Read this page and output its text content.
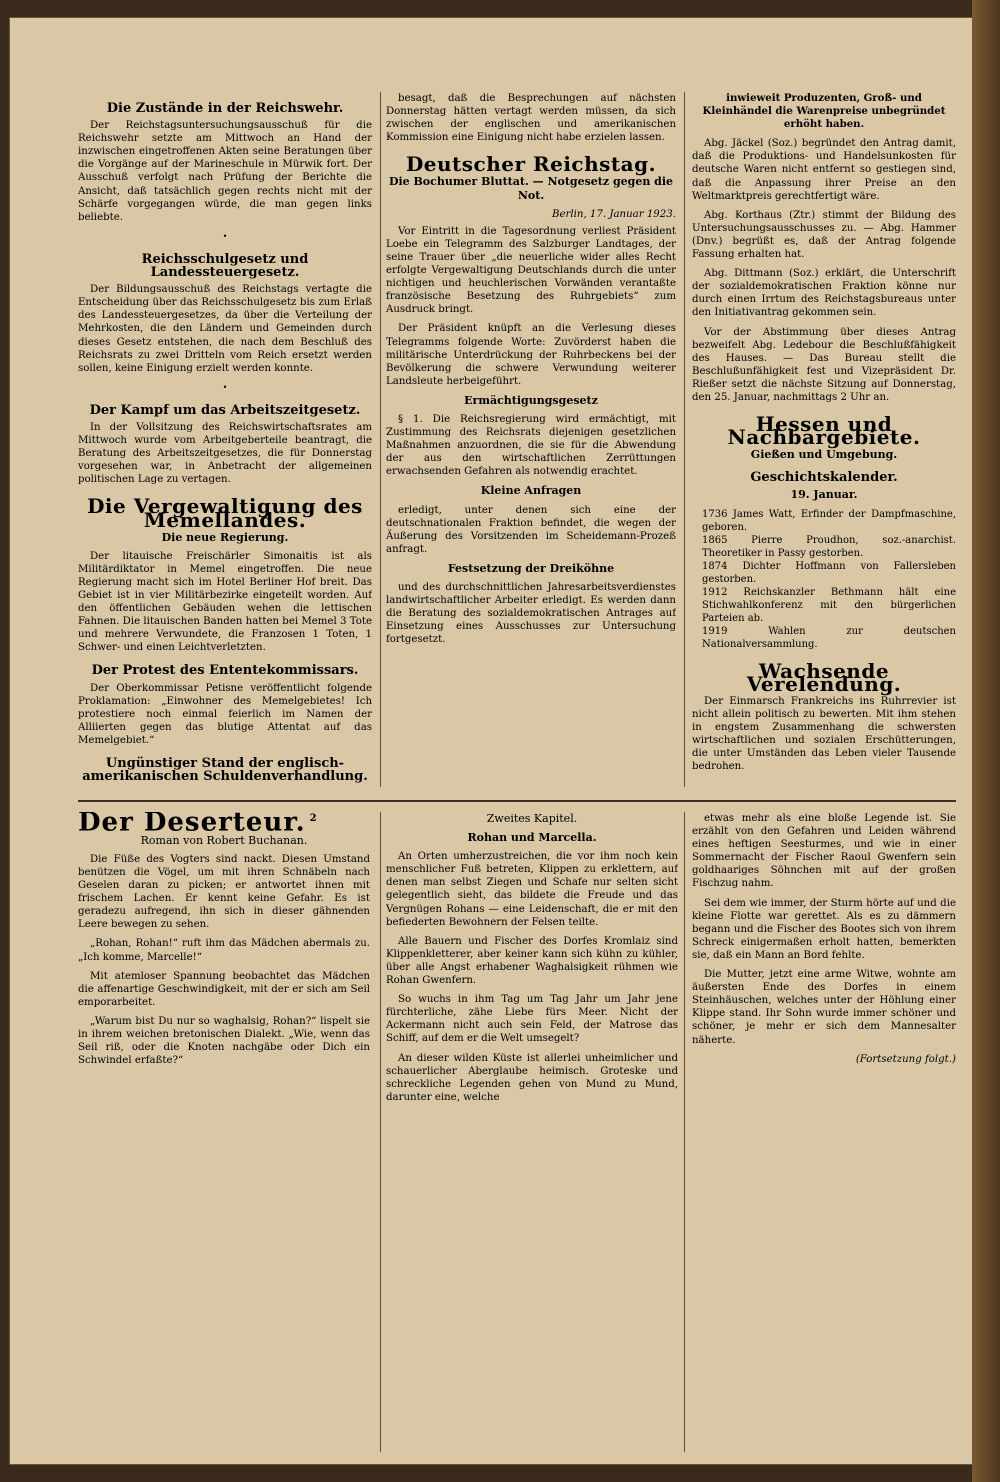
Die Zustände in der Reichswehr.

Der Reichstagsuntersuchungsausschuß für die Reichswehr setzte am Mittwoch an Hand der inzwischen eingetroffenen Akten seine Beratungen über die Vorgänge auf der Marineschule in Mürwik fort. Der Ausschuß verfolgt nach Prüfung der Berichte die Ansicht, daß tatsächlich gegen rechts nicht mit der Schärfe vorgegangen würde, die man gegen links beliebte.

•
Reichsschulgesetz und Landessteuergesetz.

Der Bildungsausschuß des Reichstags vertagte die Entscheidung über das Reichsschulgesetz bis zum Erlaß des Landessteuergesetzes, da über die Verteilung der Mehrkosten, die den Ländern und Gemeinden durch dieses Gesetz entstehen, die nach dem Beschluß des Reichsrats zu zwei Dritteln vom Reich ersetzt werden sollen, keine Einigung erzielt werden konnte.

•
Der Kampf um das Arbeitszeitgesetz.

In der Vollsitzung des Reichswirtschaftsrates am Mittwoch wurde vom Arbeitgeberteile beantragt, die Beratung des Arbeitszeitgesetzes, die für Donnerstag vorgesehen war, in Anbetracht der allgemeinen politischen Lage zu vertagen.

Die Vergewaltigung des Memellandes.
Die neue Regierung.

Der litauische Freischärler Simonaitis ist als Militärdiktator in Memel eingetroffen. Die neue Regierung macht sich im Hotel Berliner Hof breit. Das Gebiet ist in vier Militärbezirke eingeteilt worden. Auf den öffentlichen Gebäuden wehen die lettischen Fahnen. Die litauischen Banden hatten bei Memel 3 Tote und mehrere Verwundete, die Franzosen 1 Toten, 1 Schwer- und einen Leichtverletzten.

Der Protest des Ententekommissars.

Der Oberkommissar Petisne veröffentlicht folgende Proklamation: „Einwohner des Memelgebietes! Ich protestiere noch einmal feierlich im Namen der Alliierten gegen das blutige Attentat auf das Memelgebiet.“

Ungünstiger Stand der englisch-amerikanischen Schuldenverhandlung.

besagt, daß die Besprechungen auf nächsten Donnerstag hätten vertagt werden müssen, da sich zwischen der englischen und amerikanischen Kommission eine Einigung nicht habe erzielen lassen.

Deutscher Reichstag.
Die Bochumer Bluttat. — Notgesetz gegen die Not.
Berlin, 17. Januar 1923.

Vor Eintritt in die Tagesordnung verliest Präsident Loebe ein Telegramm des Salzburger Landtages, der seine Trauer über „die neuerliche wider alles Recht erfolgte Vergewaltigung Deutschlands durch die unter nichtigen und heuchlerischen Vorwänden verantaßte französische Besetzung des Ruhrgebiets“ zum Ausdruck bringt.

Der Präsident knüpft an die Verlesung dieses Telegramms folgende Worte: Zuvörderst haben die militärische Unterdrückung der Ruhrbeckens bei der Bevölkerung die schwere Verwundung weiterer Landsleute herbeigeführt.

Ermächtigungsgesetz

§ 1. Die Reichsregierung wird ermächtigt, mit Zustimmung des Reichsrats diejenigen gesetzlichen Maßnahmen anzuordnen, die sie für die Abwendung der aus den wirtschaftlichen Zerrüttungen erwachsenden Gefahren als notwendig erachtet.

Kleine Anfragen

erledigt, unter denen sich eine der deutschnationalen Fraktion befindet, die wegen der Äußerung des Vorsitzenden im Scheidemann-Prozeß anfragt.

Festsetzung der Dreiköhne

und des durchschnittlichen Jahresarbeitsverdienstes landwirtschaftlicher Arbeiter erledigt. Es werden dann die Beratung des sozialdemokratischen Antrages auf Einsetzung eines Ausschusses zur Untersuchung fortgesetzt.

inwieweit Produzenten, Groß- und Kleinhändel die Warenpreise unbegründet erhöht haben.

Abg. Jäckel (Soz.) begründet den Antrag damit, daß die Produktions- und Handelsunkosten für deutsche Waren nicht entfernt so gestiegen sind, daß die Anpassung ihrer Preise an den Weltmarktpreis gerechtfertigt wäre.

Abg. Korthaus (Ztr.) stimmt der Bildung des Untersuchungsausschusses zu. — Abg. Hammer (Dnv.) begrüßt es, daß der Antrag folgende Fassung erhalten hat.

Abg. Dittmann (Soz.) erklärt, die Unterschrift der sozialdemokratischen Fraktion könne nur durch einen Irrtum des Reichstagsbureaus unter den Initiativantrag gekommen sein.

Vor der Abstimmung über dieses Antrag bezweifelt Abg. Ledebour die Beschlußfähigkeit des Hauses. — Das Bureau stellt die Beschlußunfähigkeit fest und Vizepräsident Dr. Rießer setzt die nächste Sitzung auf Donnerstag, den 25. Januar, nachmittags 2 Uhr an.

Hessen und Nachbargebiete.
Gießen und Umgebung.
Geschichtskalender.
19. Januar.
1736 James Watt, Erfinder der Dampfmaschine, geboren.
1865 Pierre Proudhon, soz.-anarchist. Theoretiker in Passy gestorben.
1874 Dichter Hoffmann von Fallersleben gestorben.
1912 Reichskanzler Bethmann hält eine Stichwahlkonferenz mit den bürgerlichen Parteien ab.
1919 Wahlen zur deutschen Nationalversammlung.
Wachsende Verelendung.

Der Einmarsch Frankreichs ins Ruhrrevier ist nicht allein politisch zu bewerten. Mit ihm stehen in engstem Zusammenhang die schwersten wirtschaftlichen und sozialen Erschütterungen, die unter Umständen das Leben vieler Tausende bedrohen.

Der Deserteur. $^2$
Roman von Robert Buchanan.

Die Füße des Vogters sind nackt. Diesen Umstand benützen die Vögel, um mit ihren Schnäbeln nach Geselen daran zu picken; er antwortet ihnen mit frischem Lachen. Er kennt keine Gefahr. Es ist geradezu aufregend, ihn sich in dieser gähnenden Leere bewegen zu sehen.

„Rohan, Rohan!“ ruft ihm das Mädchen abermals zu. „Ich komme, Marcelle!“

Mit atemloser Spannung beobachtet das Mädchen die affenartige Geschwindigkeit, mit der er sich am Seil emporarbeitet.

„Warum bist Du nur so waghalsig, Rohan?“ lispelt sie in ihrem weichen bretonischen Dialekt. „Wie, wenn das Seil riß, oder die Knoten nachgäbe oder Dich ein Schwindel erfaßte?“

Zweites Kapitel.
Rohan und Marcella.

An Orten umherzustreichen, die vor ihm noch kein menschlicher Fuß betreten, Klippen zu erklettern, auf denen man selbst Ziegen und Schafe nur selten sicht gelegentlich sieht, das bildete die Freude und das Vergnügen Rohans — eine Leidenschaft, die er mit den befiederten Bewohnern der Felsen teilte.

Alle Bauern und Fischer des Dorfes Kromlaiz sind Klippenkletterer, aber keiner kann sich kühn zu kühler, über alle Angst erhabener Waghalsigkeit rühmen wie Rohan Gwenfern.

So wuchs in ihm Tag um Tag Jahr um Jahr jene fürchterliche, zähe Liebe fürs Meer. Nicht der Ackermann nicht auch sein Feld, der Matrose das Schiff, auf dem er die Welt umsegelt?

An dieser wilden Küste ist allerlei unheimlicher und schauerlicher Aberglaube heimisch. Groteske und schreckliche Legenden gehen von Mund zu Mund, darunter eine, welche

etwas mehr als eine bloße Legende ist. Sie erzählt von den Gefahren und Leiden während eines heftigen Seesturmes, und wie in einer Sommernacht der Fischer Raoul Gwenfern sein goldhaariges Söhnchen mit auf der großen Fischzug nahm.

Sei dem wie immer, der Sturm hörte auf und die kleine Flotte war gerettet. Als es zu dämmern begann und die Fischer des Bootes sich von ihrem Schreck einigermaßen erholt hatten, bemerkten sie, daß ein Mann an Bord fehlte.

Die Mutter, jetzt eine arme Witwe, wohnte am äußersten Ende des Dorfes in einem Steinhäuschen, welches unter der Höhlung einer Klippe stand. Ihr Sohn wurde immer schöner und schöner, je mehr er sich dem Mannesalter näherte.

(Fortsetzung folgt.)
